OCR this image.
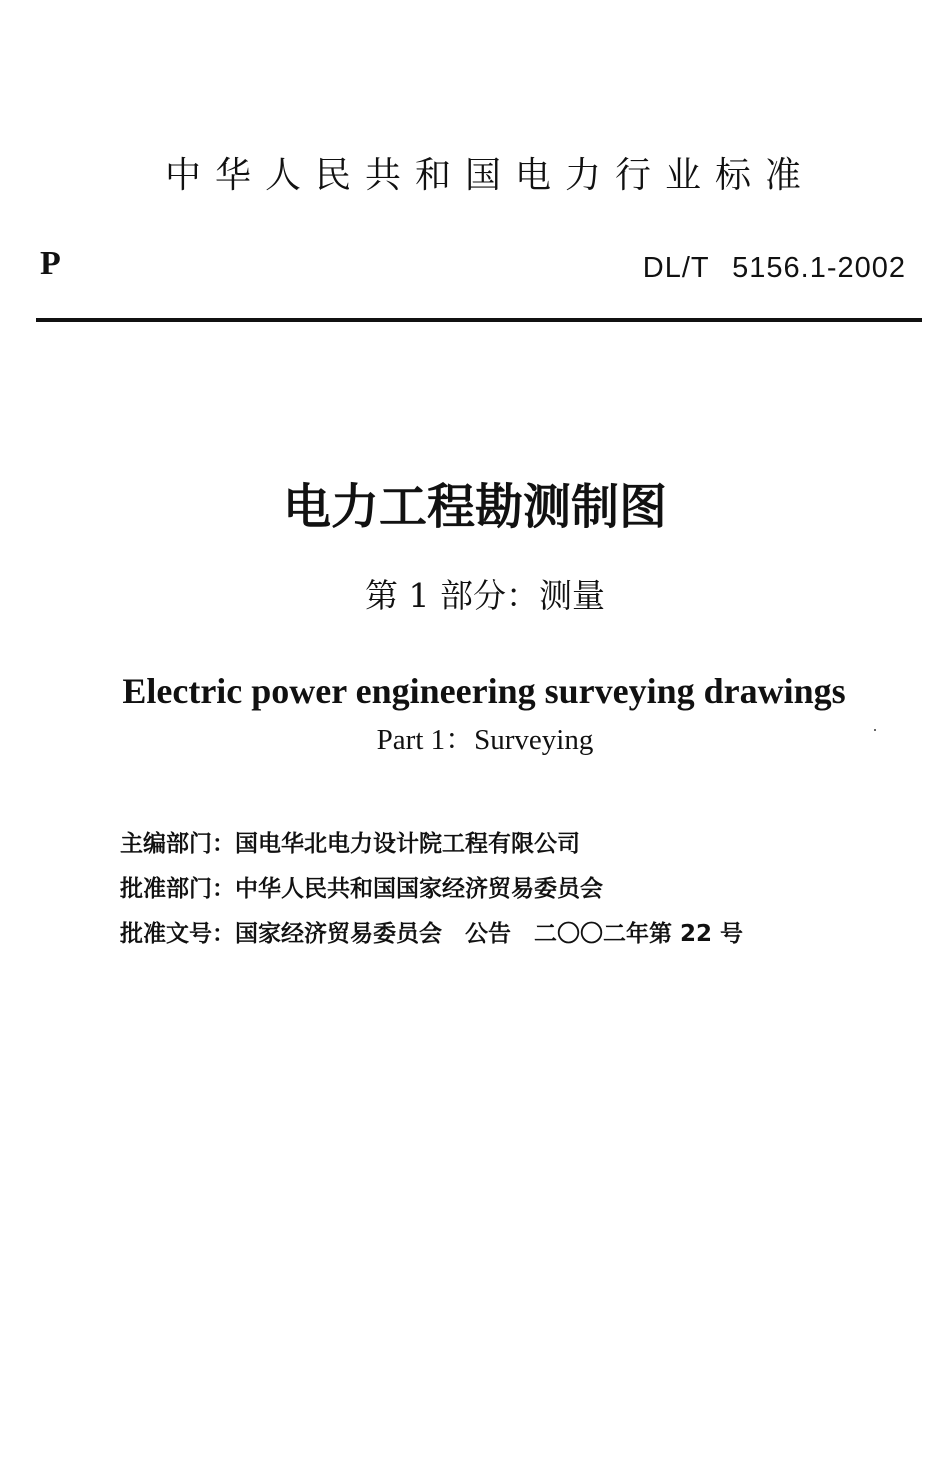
中华人民共和国电力行业标准
P	DL/T 5156.1-2002
电力工程勘测制图
第 1 部分：测量
Electric power engineering surveying drawings
Part 1：Surveying
主编部门： 国电华北电力设计院工程有限公司
批准部门： 中华人民共和国国家经济贸易委员会
批准文号： 国家经济贸易委员会　公告　二〇〇二年第 22 号
